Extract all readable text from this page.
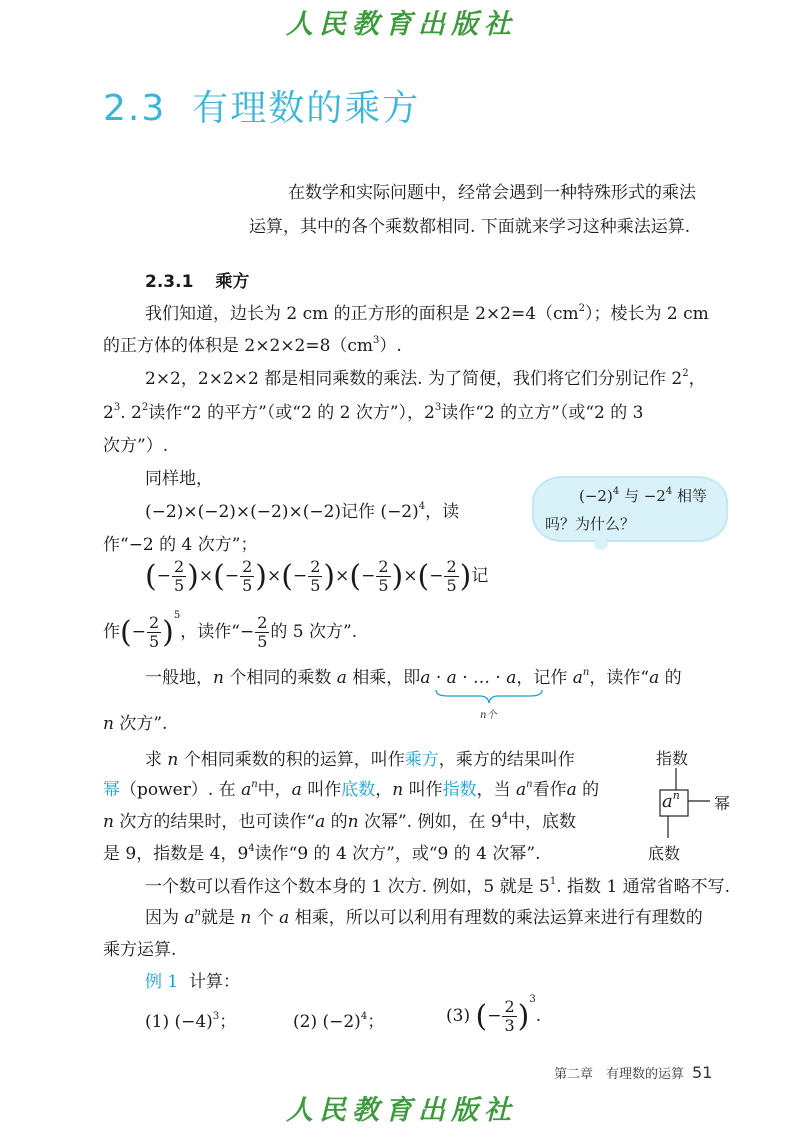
人民教育出版社
2.3 有理数的乘方
在数学和实际问题中，经常会遇到一种特殊形式的乘法
运算，其中的各个乘数都相同. 下面就来学习这种乘法运算.
2.3.1 乘方
我们知道，边长为 2 cm 的正方形的面积是 $2\times 2=4(cm^2)$；棱长为 2 cm
的正方体的体积是 $2\times 2\times 2=8(cm^3)$.
2×2，2×2×2 都是相同乘数的乘法. 为了简便，我们将它们分别记作 $2^2$，
$2^3$. $2^2$读作“2 的平方”（或“2 的 2 次方”），$2^3$读作“2 的立方”（或“2 的 3
次方”）.
同样地，
(−2)×(−2)×(−2)×(−2)记作 $(-2)^4$，读
作“−2 的 4 次方”；
$(-2)^4$ 与 $-2^4$ 相等
吗？为什么？
(− $\frac{2}{5}$ )×(− $\frac{2}{5}$ )×(− $\frac{2}{5}$ )×(− $\frac{2}{5}$ )×(− $\frac{2}{5}$ )记
作(− $\frac{2}{5} )^5$，读作“− $\frac{2}{5}$ 的 5 次方”.
一般地，n 个相同的乘数 a 相乘，即a · a · … · a，记作 $a^n$，读作“a 的
n个
n 次方”.
求 n 个相同乘数的积的运算，叫作乘方，乘方的结果叫作
幂（power）. 在 $a^n$中，a 叫作底数，n 叫作指数，当 $a^n$看作a 的
n 次方的结果时，也可读作“a 的n 次幂”. 例如，在 $9^4$中，底数
是 9，指数是 4，$9^4$读作“9 的 4 次方”，或“9 的 4 次幂”.
指数
$a^n$ 幂
底数
一个数可以看作这个数本身的 1 次方. 例如，5 就是 $5^1$. 指数 1 通常省略不写.
因为 $a^n$就是 n 个 a 相乘，所以可以利用有理数的乘法运算来进行有理数的
乘方运算.
例 1 计算：
(1) $(-4)^3$；	(2) $(-2)^4$；	(3) (− $\frac{2}{3} )^3$.
第二章　有理数的运算 51
人民教育出版社
